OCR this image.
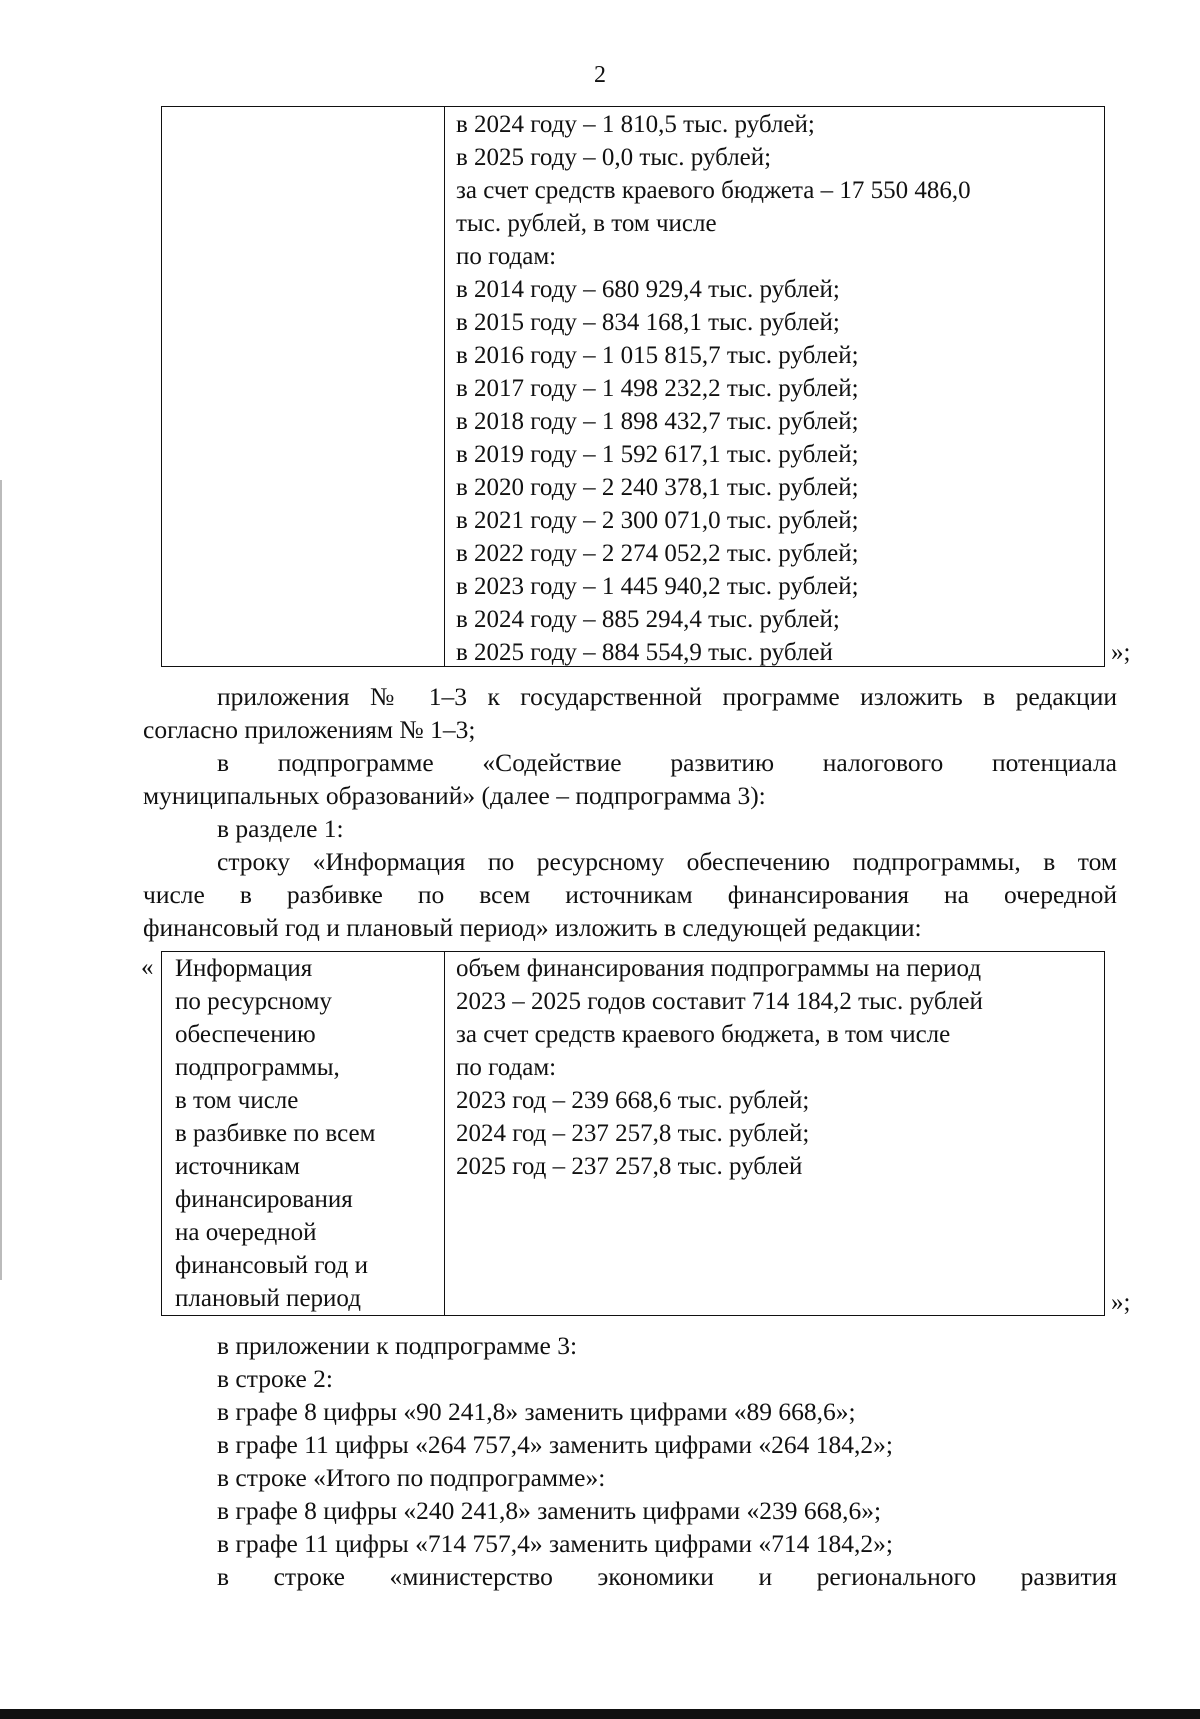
2
в 2024 году – 1 810,5 тыс. рублей;
в 2025 году – 0,0 тыс. рублей;
за счет средств краевого бюджета – 17 550 486,0
тыс. рублей, в том числе
по годам:
в 2014 году – 680 929,4 тыс. рублей;
в 2015 году – 834 168,1 тыс. рублей;
в 2016 году – 1 015 815,7 тыс. рублей;
в 2017 году – 1 498 232,2 тыс. рублей;
в 2018 году – 1 898 432,7 тыс. рублей;
в 2019 году – 1 592 617,1 тыс. рублей;
в 2020 году – 2 240 378,1 тыс. рублей;
в 2021 году – 2 300 071,0 тыс. рублей;
в 2022 году – 2 274 052,2 тыс. рублей;
в 2023 году – 1 445 940,2 тыс. рублей;
в 2024 году – 885 294,4 тыс. рублей;
в 2025 году – 884 554,9 тыс. рублей	»;

приложения № 1–3 к государственной программе изложить в редакции

согласно приложениям № 1–3;

в подпрограмме «Содействие развитию налогового потенциала

муниципальных образований» (далее – подпрограмма 3):

в разделе 1:

строку «Информация по ресурсному обеспечению подпрограммы, в том

числе в разбивке по всем источникам финансирования на очередной

финансовый год и плановый период» изложить в следующей редакции:

« Информация
по ресурсному
обеспечению
подпрограммы,
в том числе
в разбивке по всем
источникам
финансирования
на очередной
финансовый год и
плановый период
объем финансирования подпрограммы на период
2023 – 2025 годов составит 714 184,2 тыс. рублей
за счет средств краевого бюджета, в том числе
по годам:
2023 год – 239 668,6 тыс. рублей;
2024 год – 237 257,8 тыс. рублей;
2025 год – 237 257,8 тыс. рублей
»;

в приложении к подпрограмме 3:

в строке 2:

в графе 8 цифры «90 241,8» заменить цифрами «89 668,6»;

в графе 11 цифры «264 757,4» заменить цифрами «264 184,2»;

в строке «Итого по подпрограмме»:

в графе 8 цифры «240 241,8» заменить цифрами «239 668,6»;

в графе 11 цифры «714 757,4» заменить цифрами «714 184,2»;

в строке «министерство экономики и регионального развития
